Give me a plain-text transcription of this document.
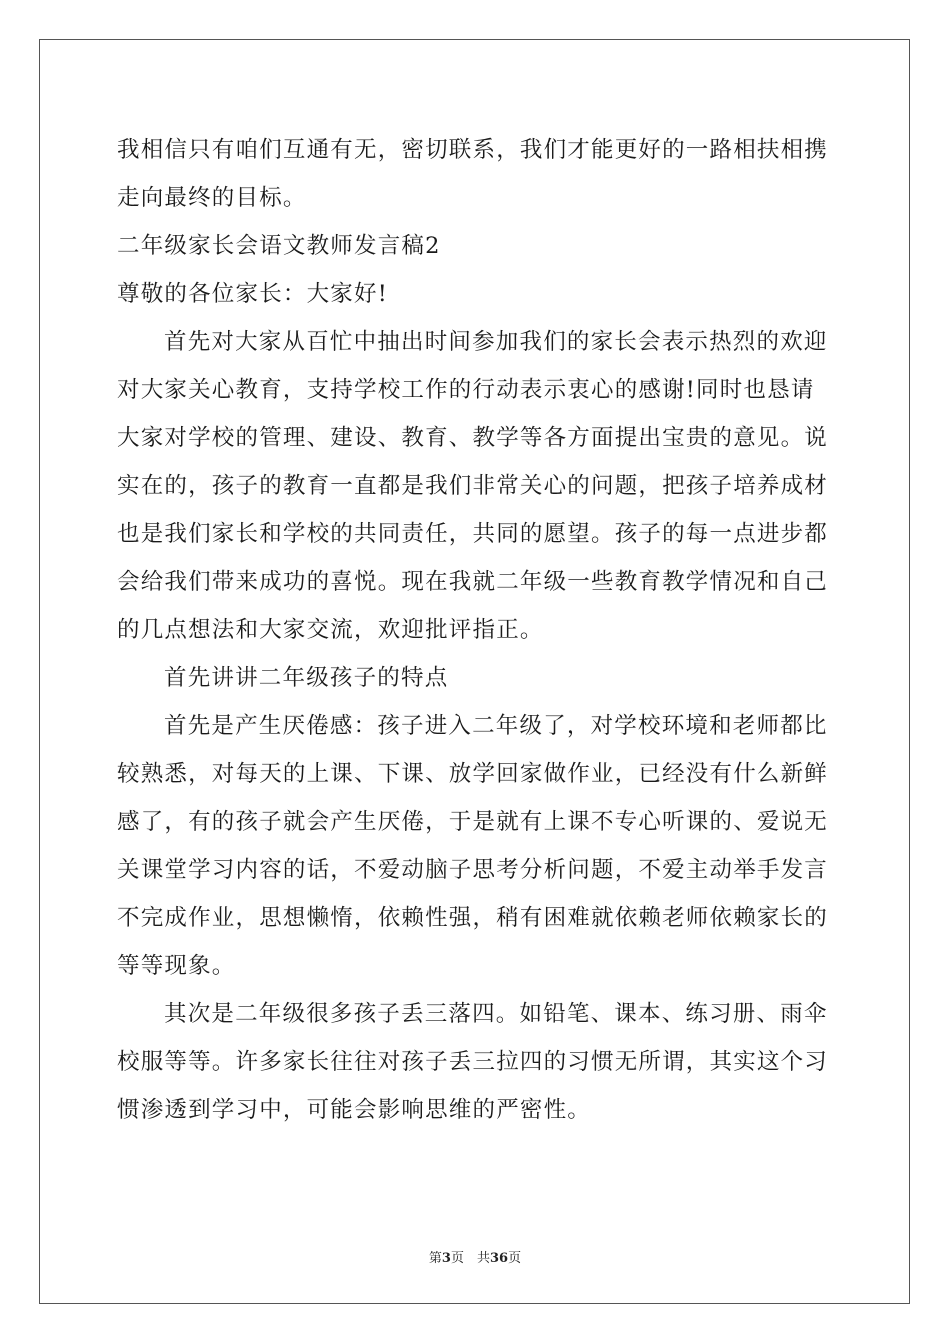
我相信只有咱们互通有无，密切联系，我们才能更好的一路相扶相携
走向最终的目标。
二年级家长会语文教师发言稿2
尊敬的各位家长：大家好!
首先对大家从百忙中抽出时间参加我们的家长会表示热烈的欢迎
对大家关心教育，支持学校工作的行动表示衷心的感谢!同时也恳请
大家对学校的管理、建设、教育、教学等各方面提出宝贵的意见。说
实在的，孩子的教育一直都是我们非常关心的问题，把孩子培养成材
也是我们家长和学校的共同责任，共同的愿望。孩子的每一点进步都
会给我们带来成功的喜悦。现在我就二年级一些教育教学情况和自己
的几点想法和大家交流，欢迎批评指正。
首先讲讲二年级孩子的特点
首先是产生厌倦感：孩子进入二年级了，对学校环境和老师都比
较熟悉，对每天的上课、下课、放学回家做作业，已经没有什么新鲜
感了，有的孩子就会产生厌倦，于是就有上课不专心听课的、爱说无
关课堂学习内容的话，不爱动脑子思考分析问题，不爱主动举手发言
不完成作业，思想懒惰，依赖性强，稍有困难就依赖老师依赖家长的
等等现象。
其次是二年级很多孩子丢三落四。如铅笔、课本、练习册、雨伞
校服等等。许多家长往往对孩子丢三拉四的习惯无所谓，其实这个习
惯渗透到学习中，可能会影响思维的严密性。
第3页　共36页
